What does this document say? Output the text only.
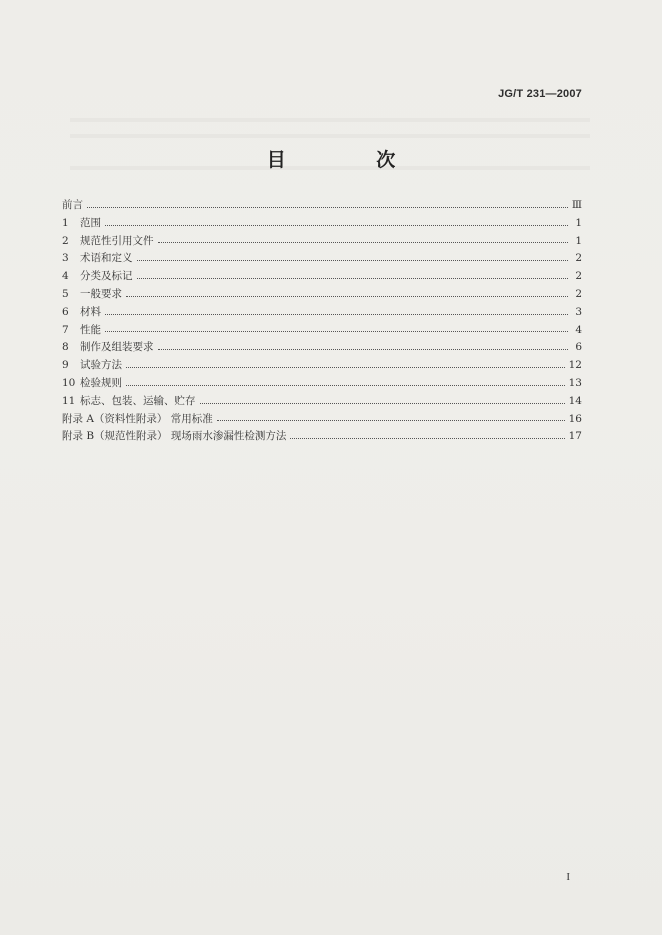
JG/T 231—2007
目 次
前言	Ⅲ
1	范围	1
2	规范性引用文件	1
3	术语和定义	2
4	分类及标记	2
5	一般要求	2
6	材料	3
7	性能	4
8	制作及组装要求	6
9	试验方法	12
10 检验规则	13
11 标志、包装、运输、贮存	14
附录 A（资料性附录） 常用标准	16
附录 B（规范性附录） 现场雨水渗漏性检测方法	17
I
